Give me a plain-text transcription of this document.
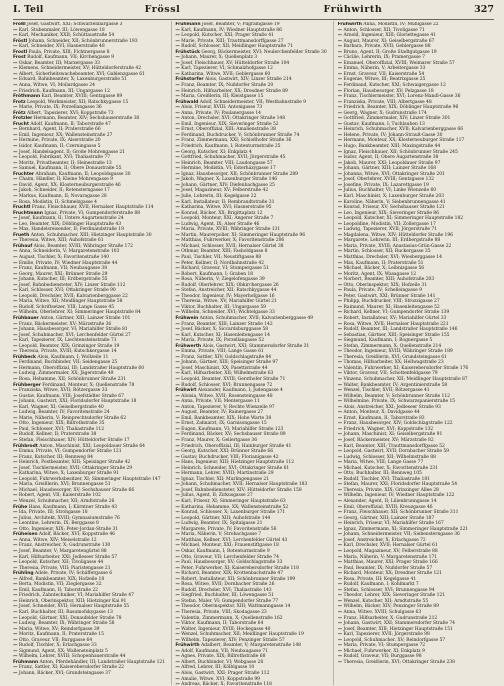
I. Teil	Frössl	Frühwirth	327

Frößl Josef, Gastwirt, XXI; Schwarzenbärgasse 3

— Karl, Stubenmaler, III; Löwengasse 18

— Karl, Mechaniker, XXII; Schüttaustraße 54

Fröstl Johann, Schneider, XII; Schönbrunnerstraße 193

— Karl, Schneider, XVI; Hasnerstraße 48

Frostl Paula, Private, XIII; Fichtnergasse 8

Frost Rudolf, Kaufmann, VII; Kirchengasse 9

— Oskar, Beamter, III; Marxergasse 33

— Klemens, Schneidermeister, XV; Hütteldorferstraße 42

— Albert, Sicherheitswachebeamter, XVI; Gablenzgasse 61

— Eduard, Bahnbeamter, X; Laxenburgerstraße 51

— Anna, Witwe, VI; Mollardgasse 24

— Friedrich, Kaufmann, III; Ungargasse 12

Fröthmann Karl, Beamter, XVIII; Gentzgasse 89

Frotz Leopold, Werkmeister, XII; Ratschkygasse 15

— Marie, Private, IX; Porzellangasse 36

Frötz Albert, Tapezierer, XVI; Koppstraße 73

Frotzler Hermann, Beamter, XIV; Sechshauserstraße 30

Frucht Adolf, Kaufmann, II; Taborstraße 47

— Bernhard, Agent, II; Praterstraße 66

— Emil, Ingenieur, XX; Wallensteinstraße 27

— Hermine, Private, IX; Alserstraße 20

— Isidor, Kaufmann, II; Czerningasse 5

— Josef, Handelsagent, II; Große Mohrengasse 21

— Leopold, Fabrikant, XVI; Thaliastraße 77

— Moritz, Privatbeamter, II; Heinestraße 13

— Samuel, Kaufmann, II; Obere Donaustraße 55

Fruchter Abraham, Kaufmann, II; Leopoldsgasse 30

— Chaim, Händler, II; Kleine Mohrengasse 9

— David, Agent, XX; Klosterneuburgerstraße 46

— Jakob, Schneider, II; Rotensterngasse 17

— Markus, Kaufmann, II; Novaragasse 28

— Rosa, Modistin, II; Schmelzgasse 4

Fruchtl Franz, Fleischhauer, XVII; Hernalser Hauptstraße 114

Fruchtmann Ignaz, Private, VI; Gumpendorferstraße 88

— Josef, Kaufmann, II; Untere Augartenstraße 24

— Leo, Beamter, XIX; Döblinger Hauptstraße 43

— Max, Handelsreisender, II; Ferdinandstraße 19

Frueth Anton, Schuhmacher, XIII; Hietzinger Hauptstraße 30

— Theresia, Witwe, XIII; Auhofstraße 61

Frühauf Alois, Beamter, XVIII; Währinger Straße 172

— Anna, Schneiderin, V; Margaretenstraße 103

— August, Tischler, X; Favoritenstraße 140

— Emilie, Private, IV; Wiedner Hauptstraße 44

— Franz, Kaufmann, VII; Neubaugasse 38

— Georg, Maurer, XXI; Brünner Straße 29

— Johann, Kutscher, III; Erdbergstraße 55

— Josef, Bahnbediensteter, XIV; Linzer Straße 112

— Karl, Schlosser, XVI; Ottakringer Straße 90

— Leopold, Drechsler, XVII; Kalvarienberggasse 22

— Maria, Witwe, XII; Meidlinger Hauptstraße 58

— Rudolf, Schriftsetzer, VIII; Lange Gasse 45

— Wilhelm, Oberlehrer, XI; Simmeringer Hauptstraße 84

Frühbauer Anton, Gärtner, XIII; Lainzer Straße 101

— Franz, Bäckermeister, XV; Märzstraße 36

— Johann, Hausbesorger, VI; Mariahilfer Straße 81

— Josef, Schuhmacher, XVI; Lerchenfelder Gürtel 27

— Karl, Tapezierer, IX; Liechtensteinstraße 71

— Leopold, Beamter, XIX; Grinzinger Straße 19

— Theresia, Private, XVIII; Kutschkergasse 14

Frühbeck Alois, Kaufmann, I; Wollzeile 11

— Ferdinand, Buchbinder, VII; Seidengasse 25

— Hermann, Oberoffizial, III; Landstraßer Hauptstraße 60

— Ludwig, Zimmermaler, XX; Jägerstraße 49

— Rosa, Hebamme, XII; Schönbrunner Straße 231

Frühberger Ferdinand, Monteur, X; Quellenstraße 78

— Franziska, Witwe, XVII; Rötzergasse 33

— Gustav, Kaufmann, VIII; Josefstädter Straße 67

— Johann, Gastwirt, XXI; Floridsdorfer Hauptstraße 18

— Karl, Wagner, XI; Geiselbergstraße 40

— Ludwig, Beamter, IV; Favoritenstraße 24

— Marie, Näherin, V; Reinprechtsdorfer Straße 62

— Otto, Ingenieur, XIX; Billrothstraße 35

— Paul, Schlosser, XVI; Thaliastraße 112

— Rudolf, Kellner, II; Praterstraße 38

— Stefan, Fleischhauer, XIV; Hütteldorfer Straße 17

Frühbrodt Anton, Maschinist, XXI; Leopoldauer Straße 64

— Emma, Private, VI; Gumpendorfer Straße 121

— Franz, Kutscher, III; Rennweg 84

— Heinrich, Postbeamter, XIII; Speisinger Straße 42

— Josef, Tischlermeister, XVII; Ottakringer Straße 29

— Katharina, Witwe, X; Laxenburger Straße 91

— Leopold, Fuhrwerksbesitzer, XI; Simmeringer Hauptstraße 147

— Maria, Greißlerin, XVI; Brunnengasse 51

— Michael, Hausbesorger, XV; Sechshauser Straße 66

— Robert, Agent, VII; Kaiserstraße 102

— Wenzel, Schuhmacher, XII; Arndtstraße 26

Frühe Hans, Kaufmann, I; Kärntner Straße 43

— Ida, Private, III; Strohgasse 18

— Julius, Architekt, XVIII; Gymnasiumstraße 76

— Leontine, Lehrerin, IX; Berggasse 8

— Otto, Ingenieur, XIX; Peter-Jordan-Straße 31

Früheisen Adolf, Bäcker, XVI; Koppstraße 46

— Anna, Witwe, XIV; Meiselstraße 12

— Franz, Anstreicher, X; Gudrunstraße 130

— Josef, Beamter, V; Margaretengürtel 88

— Karl, Hilfsarbeiter, XXI; Jedleseer Straße 57

— Leopold, Kutscher, XII; Tivoligasse 44

— Theresia, Private, VIII; Piaristengasse 21

Frühling Adele, Private, IV; Schäffergasse 6

— Alfred, Bankbeamter, XIX; Hofzeile 18

— Berta, Modistin, VII; Zieglergasse 32

— Emil, Kaufmann, II; Taborstraße 22

— Friedrich, Zahntechniker, VI; Mariahilfer Straße 47

— Heinrich, Oberinspektor, XIII; Hietzinger Kai 91

— Josef, Schneider, XVII; Hernalser Hauptstraße 55

— Karl, Buchhalter, III; Rasumofskygasse 13

— Leopold, Gärtner, XXI; Donaufelder Straße 78

— Ludwig, Beamter, IX; Währinger Straße 58

— Maria, Witwe, XV; Reindorfgasse 39

— Moritz, Kaufmann, II; Praterstraße 15

— Otto, Graveur, VII; Burggasse 64

— Rudolf, Tischler, X; Erlachgasse 33

— Sigmund, Agent, XX; Wallensteinplatz 5

— Wilhelm, Lehrer, XVIII; Schopenhauerstraße 44

Frühmann Anton, Pferdehändler, III; Landstraßer Hauptstraße 121

— Franz, Sattler, XI; Kaiserebersdorfer Straße 22

— Johann, Bäcker, XVI; Grundsteingasse 37

Frühmann Josef, Beamter, V; Pilgramgasse 19

— Karl, Kaufmann, IV; Wiedner Hauptstraße 86

— Leopold, Kutscher, XXI; Prager Straße 41

— Marie, Private, XIII; Trauttmansdorffgasse 27

— Rudolf, Schlosser, XII; Meidlinger Hauptstraße 71

Frühstück Georg, Bäckermeister, XVI; Neulerchenfelder Straße 30

— Johann, Maurer, X; Quellenplatz 3

— Josef, Fleischhauer, XV; Hütteldorfer Straße 104

— Karl, Tapezierer, VI; Schmalzhofgasse 12

— Katharina, Witwe, XVII; Geblergasse 60

Frühstorfer Alois, Gastwirt, XIV; Linzer Straße 214

— Franz, Beamter, IX; Nußdorfer Straße 20

— Heinrich, Hilfsarbeiter, XX; Dresdner Straße 89

— Maria, Greißlerin, III; Kleistgasse 15

Frühwald Adolf, Schneidermeister, VII; Westbahnstraße 9

— Alois, Friseur, XVIII; Antonigasse 73

— Anna, Private, IV; Paulanergasse 14

— Anton, Drechsler, XVI; Ottakringer Straße 148

— Emil, Ingenieur, XIX; Sieveringer Straße 52

— Ernst, Oberoffizial, XIII; Amalienstraße 38

— Ferdinand, Buchdrucker, V; Schönbrunner Straße 74

— Franz, Zimmermann, XXI; Schloßhofer Straße 36

— Friedrich, Kaufmann, I; Rotenturmstraße 25

— Georg, Kutscher, XI; Enkplatz 4

— Gottfried, Schuhmacher, XVII; Jörgerstraße 45

— Heinrich, Beamter, VIII; Laudongasse 57

— Hermine, Modistin, VI; Esterházygasse 17

— Ignaz, Hausbesorger, XII; Schönbrunner Straße 289

— Jakob, Wagner, X; Laxenburger Straße 146

— Johann, Gärtner, XIV; Diefenbachgasse 25

— Josef, Magazineur, XV; Felberstraße 42

— Julie, Lehrerin, III; Kegelgasse 22

— Karl, Installateur, II; Rembrandtstraße 31

— Katharina, Witwe, XVI; Hasnerstraße 95

— Konrad, Bäcker, XX; Brigittaplatz 12

— Leopold, Monteur, XXI; Angerer Straße 7

— Ludwig, Agent, IX; Alser Straße 46

— Maria, Private, XVIII; Währinger Straße 131

— Martin, Maurerpolier, XI; Simmeringer Hauptstraße 96

— Matthias, Fuhrwerker, X; Favoritenstraße 206

— Michael, Schlosser, XVII; Hernalser Gürtel 38

— Othmar, Beamter, XIII; Fasholdgasse 8

— Paul, Tischler, VII; Neustiftgasse 88

— Peter, Kellner, II; Nordbahnstraße 42

— Richard, Graveur, VI; Stumpergasse 51

— Robert, Kaufmann, I; Graben 18

— Rosa, Näherin, V; Ziegelofengasse 39

— Rudolf, Oberlehrer, XIX; Obkirchergasse 26

— Stefan, Anstreicher, XII; Ratschkygasse 44

— Theodor, Ingenieur, IV; Mayerhofgasse 16

— Theresia, Witwe, XV; Mariahilfer Gürtel 21

— Viktor, Buchhalter, III; Ungargasse 59

— Wilhelm, Schneider, XVI; Wichtelgasse 33

Frühwein Anton, Schuhmacher, XVII; Kalvarienberggasse 49

— Franz, Beamter, XIII; Lainzer Straße 142

— Josef, Bäcker, X; Siccardsburggasse 58

— Karl, Kutscher, XI; Hasenleitengasse 14

— Maria, Private, IX; Porzellangasse 52

Frühwerth Alois, Gastwirt, XXI; Stammersdorfer Straße 31

— Emma, Private, VIII; Lange Gasse 61

— Franz, Sattler, XIV; Goldschlagstraße 84

— Johann, Gärtner, XIII; Speisinger Straße 97

— Josef, Maschinist, XX; Pasettistraße 44

— Karl, Hilfsarbeiter, XII; Wilhelmstraße 63

— Leopold, Beamter, XVIII; Gersthofer Straße 71

— Rudolf, Schlosser, XVI; Brunnengasse 72

Frühwirt Alexander, Kaufmann, I; Judengasse 4

— Aloisia, Witwe, XVII; Rosensteingasse 48

— Anna, Private, VII; Mentergasse 11

— Anton, Tapezierer, V; Rechte Wienzeile 97

— August, Beamter, IV; Rainergasse 27

— Emil, Bankbeamter, XIX; Hohe Warte 38

— Ernst, Zahnarzt, IX; Garnisongasse 15

— Eugen, Kaufmann, VI; Mariahilfer Straße 123

— Ferdinand, Bäcker, XV; Sechshauser Straße 89

— Franz, Maurer, X; Gellertgasse 36

— Friedrich, Oberoffizial, III; Hainburger Straße 41

— Georg, Kutscher, XXI; Brünner Straße 66

— Gustav, Buchdrucker, VIII; Florianigasse 42

— Hans, Ingenieur, XIII; Hietzinger Hauptstraße 112

— Heinrich, Schneider, XVI; Ottakringer Straße 61

— Hermann, Lehrer, XVIII; Martinstraße 29

— Ignaz, Tischler, XII; Murlingengasse 21

— Johann, Schuhmacher, XVII; Hernalser Hauptstraße 183

— Josef, Bahnbediensteter, XIV; Hütteldorfer Straße 158

— Julius, Agent, II; Zirkusgasse 27

— Karl, Friseur, XI; Simmeringer Hauptstraße 63

— Katharina, Hebamme, XX; Wallensteinstraße 52

— Konrad, Schlosser, X; Laxenburger Straße 171

— Leopold, Gärtner, XIII; Auhofstraße 144

— Ludwig, Beamter, IX; Spitalgasse 21

— Margarete, Private, IV; Favoritenstraße 56

— Maria, Näherin, V; Strobachgasse 7

— Matthias, Kellner, XVI; Lerchenfelder Gürtel 43

— Michael, Monteur, XXI; Frauenstiftgasse 18

— Oskar, Kaufmann, I; Rotenturmstraße 9

— Otto, Graveur, VII; Lerchenfelder Straße 74

— Paul, Hausbesorger, XV; Goldschlagstraße 33

— Peter, Fuhrwerker, XI; Kaiserebersdorfer Straße 118

— Richard, Beamter, XIX; Krottenbachstraße 47

— Robert, Installateur, XII; Schönbrunner Straße 199

— Rosa, Witwe, XVII; Dornbacher Straße 26

— Rudolf, Drechsler, XVI; Thaliastraße 143

— Siegfried, Buchhalter, III; Löwengasse 51

— Stefan, Maler, VI; Gumpendorfer Straße 77

— Theodor, Oberinspektor, XIII; Wattmanngasse 14

— Theresia, Private, VIII; Skodagasse 23

— Valentin, Zimmermann, X; Quellenstraße 162

— Viktor, Kaufmann, II; Taborstraße 64

— Walter, Ingenieur, XVIII; Hockegasse 40

— Wenzel, Schuhmacher, XII; Meidlinger Hauptstraße 19

— Wilhelm, Tapezierer, XIV; Penzinger Straße 57

Frühwirth Adalbert, Beamter, V; Margaretenstraße 148

— Adolf, Kaufmann, VII; Neubaugasse 71

— Agnes, Private, XIX; Billrothstraße 68

— Albert, Buchbinder, VI; Webgasse 28

— Alfred, Lehrer, III; Kölblgasse 10

— Alois, Gastwirt, XXI; Prager Straße 112

— Amalie, Witwe, XVI; Koppstraße 99

— Andreas, Bäcker, X; Favoritenstraße 118

Frühwirth Anna, Modistin, IV; Mühlgasse 22

— Anton, Schlosser, XII; Tivoligasse 71

— Arnold, Ingenieur, XIII; Gloriettegasse 41

— August, Maurer, XI; Geiselbergstraße 67

— Barbara, Private, XVII; Geblergasse 88

— Bruno, Agent, II; Große Stadtgutgasse 19

— Cäcilie, Lehrerin, IX; Pramergasse 7

— Emanuel, Oberoffizial, XVIII; Weimarer Straße 57

— Emma, Näherin, V; Arbeitergasse 33

— Ernst, Graveur, VII; Kaiserstraße 54

— Eugenie, Witwe, III; Beatrixgasse 25

— Ferdinand, Kutscher, XXI; Schwaigergasse 12

— Florian, Hausbesorger, XV; Pelzgasse 18

— Franz, Tischlermeister, XVI; Lorenz-Mandl-Gasse 36

— Franziska, Private, VIII; Albertgasse 48

— Friedrich, Beamter, XIX; Döblinger Hauptstraße 96

— Georg, Wagner, X; Gudrunstraße 174

— Gottfried, Zimmermaler, XIV; Linzer Straße 301

— Gustav, Kaufmann, I; Tuchlauben 13

— Heinrich, Schuhmacher, XVII; Kalvarienberggasse 66

— Helene, Private, IV; Johann-Strauß-Gasse 30

— Hermann, Monteur, XX; Klosterneuburger Straße 117

— Hugo, Bankbeamter, XIII; Maxingstraße 44

— Ignaz, Fleischhauer, XII; Schönbrunner Straße 245

— Isidor, Agent, II; Obere Augartenstraße 38

— Jakob, Maurer, XXI; Leopoldauer Straße 97

— Johann, Gärtner, XIII; Lainzer Straße 168

— Johanna, Witwe, XVI; Ottakringer Straße 201

— Josef, Oberlehrer, XVIII; Gentzgasse 132

— Josefine, Private, IX; Lazarettgasse 19

— Julius, Buchhalter, VI; Linke Wienzeile 60

— Karl, Maschinist, X; Laxenburger Straße 203

— Karoline, Näherin, V; Siebenbrunnengasse 41

— Konrad, Friseur, XV; Sechshauser Straße 121

— Leo, Ingenieur, XIX; Sieveringer Straße 86

— Leopold, Kutscher, XI; Simmeringer Hauptstraße 182

— Leopoldine, Modistin, VII; Zollergasse 17

— Ludwig, Tapezierer, XVII; Jörgerstraße 71

— Magdalena, Witwe, XIV; Hütteldorfer Straße 196

— Margarete, Lehrerin, III; Erdbergstraße 88

— Maria, Private, XVIII; Anastasius-Grün-Gasse 22

— Martin, Schlosser, XII; Ruckergasse 35

— Matthias, Drechsler, XVI; Wiesberggasse 14

— Max, Kaufmann, II; Praterstraße 51

— Michael, Bäcker, X; Leibnizgasse 56

— Moritz, Agent, IX; Wasagasse 12

— Norbert, Beamter, XIII; Auhofstraße 203

— Otto, Oberinspektor, XIX; Hofzeile 31

— Paula, Private, IV; Schelleingasse 9

— Peter, Gastwirt, XXI; Brünner Straße 141

— Philipp, Buchdrucker, VIII; Strozzigasse 27

— Raimund, Maurer, XI; Hasenleitengasse 52

— Richard, Kellner, VI; Gumpendorfer Straße 139

— Robert, Installateur, XV; Mariahilfer Gürtel 33

— Rosa, Witwe, XVII; Hernalser Hauptstraße 221

— Rudolf, Beamter, III; Landstraßer Hauptstraße 146

— Sebastian, Gärtner, XIII; Speisinger Straße 155

— Siegmund, Kaufmann, I; Bognergasse 5

— Stefan, Zimmermann, X; Quellenstraße 214

— Theodor, Ingenieur, XVIII; Währinger Straße 189

— Theresia, Greißlerin, XVI; Grundsteingasse 61

— Thomas, Hilfsarbeiter, XX; Hellwagstraße 23

— Valentin, Fuhrwerker, XI; Kaiserebersdorfer Straße 176

— Viktor, Graveur, VII; Schottenfeldgasse 79

— Vinzenz, Schuhmacher, XII; Meidlinger Hauptstraße 87

— Walter, Bankbeamter, IV; Argentinierstraße 58

— Wenzel, Tischler, XVII; Rötzergasse 41

— Wilhelm, Beamter, V; Schönbrunner Straße 112

— Wilhelmine, Private, IX; Schwarzspanierstraße 15

— Alois, Anstreicher, XXI; Jedleseer Straße 93

— Anton, Monteur, X; Davidgasse 44

— Ernst, Kaufmann, II; Taborstraße 83

— Franz, Hausbesorger, XIV; Goldschlagstraße 122

— Friedrich, Wagner, XVI; Koppstraße 132

— Johann, Maschinist, XI; Geiselbergstraße 91

— Josef, Bäckermeister, XV; Märzstraße 82

— Karl, Beamter, XIII; Trauttmansdorffgasse 52

— Leopold, Gastwirt, XVII; Dornbacher Straße 59

— Ludwig, Schlosser, XII; Wilhelmstraße 88

— Maria, Witwe, VIII; Lange Gasse 77

— Michael, Kutscher, X; Favoritenstraße 231

— Otto, Buchhalter, III; Rennweg 105

— Rudolf, Tischler, XVI; Thaliastraße 181

— Stefan, Maurer, XXI; Floridsdorfer Hauptstraße 54

— Theresia, Private, XIX; Grinzinger Allee 28

— Wilhelm, Ingenieur, IV; Wiedner Hauptstraße 122

— Alexander, Agent, II; Lilienbrunngasse 14

— Emil, Oberoffizial, XVIII; Kreuzgasse 46

— Franz, Fleischhauer, XII; Schönbrunner Straße 311

— Georg, Gärtner, XIII; Lainzer Straße 187

— Heinrich, Friseur, VI; Mariahilfer Straße 167

— Ignaz, Zimmermann, XI; Simmeringer Hauptstraße 221

— Johann, Schneidermeister, VII; Siebensterngasse 36

— Josef, Anstreicher, X; Erlachgasse 72

— Karl, Drechsler, XVII; Hernalser Gürtel 61

— Leopold, Magazineur, XV; Felberstraße 88

— Maria, Näherin, V; Margaretenstraße 171

— Matthias, Maurer, XXI; Prager Straße 166

— Paul, Beamter, IX; Nußdorfer Straße 57

— Richard, Monteur, XX; Dresdner Straße 121

— Rosa, Private, III; Kegelgasse 41

— Rudolf, Kaufmann, I; Kohlmarkt 7

— Stefan, Schlosser, XVI; Brunnengasse 94

— Theodor, Lehrer, XIX; Sieveringer Straße 121

— Wenzel, Kutscher, XII; Arndtstraße 55

— Wilhelm, Bäcker, XIV; Penzinger Straße 89

— Anna, Witwe, XVIII; Schulgasse 63

— Franz, Hilfsarbeiter, X; Gudrunstraße 212

— Johann, Gastwirt, XXI; Stammersdorfer Straße 74

— Josef, Beamter, XIII; Hietzinger Hauptstraße 151

— Karl, Tapezierer, XVII; Jörgerstraße 98

— Leopold, Schuhmacher, XV; Reindorfgasse 57

— Maria, Private, VI; Stumpergasse 72

— Michael, Fuhrwerker, XI; Enkplatz 9

— Rudolf, Graveur, VII; Burggasse 98

— Theresia, Greißlerin, XVI; Ottakringer Straße 238
